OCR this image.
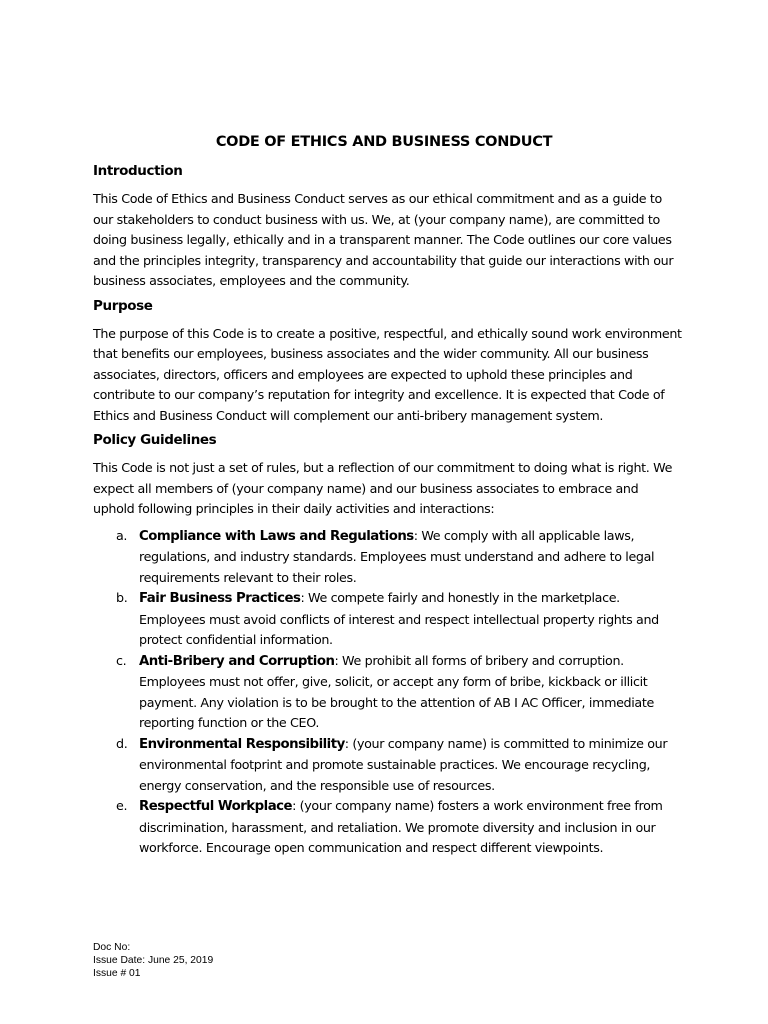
CODE OF ETHICS AND BUSINESS CONDUCT
Introduction

This Code of Ethics and Business Conduct serves as our ethical commitment and as a guide to our stakeholders to conduct business with us. We, at (your company name), are committed to doing business legally, ethically and in a transparent manner. The Code outlines our core values and the principles integrity, transparency and accountability that guide our interactions with our business associates, employees and the community.

Purpose

The purpose of this Code is to create a positive, respectful, and ethically sound work environment that benefits our employees, business associates and the wider community. All our business associates, directors, officers and employees are expected to uphold these principles and contribute to our company’s reputation for integrity and excellence. It is expected that Code of Ethics and Business Conduct will complement our anti-bribery management system.

Policy Guidelines

This Code is not just a set of rules, but a reflection of our commitment to doing what is right. We expect all members of (your company name) and our business associates to embrace and uphold following principles in their daily activities and interactions:

a. Compliance with Laws and Regulations: We comply with all applicable laws, regulations, and industry standards. Employees must understand and adhere to legal requirements relevant to their roles.
b. Fair Business Practices: We compete fairly and honestly in the marketplace. Employees must avoid conflicts of interest and respect intellectual property rights and protect confidential information.
c. Anti-Bribery and Corruption: We prohibit all forms of bribery and corruption. Employees must not offer, give, solicit, or accept any form of bribe, kickback or illicit payment. Any violation is to be brought to the attention of AB I AC Officer, immediate reporting function or the CEO.
d. Environmental Responsibility: (your company name) is committed to minimize our environmental footprint and promote sustainable practices. We encourage recycling, energy conservation, and the responsible use of resources.
e. Respectful Workplace: (your company name) fosters a work environment free from discrimination, harassment, and retaliation. We promote diversity and inclusion in our workforce. Encourage open communication and respect different viewpoints.
Doc No:
Issue Date: June 25, 2019
Issue # 01
